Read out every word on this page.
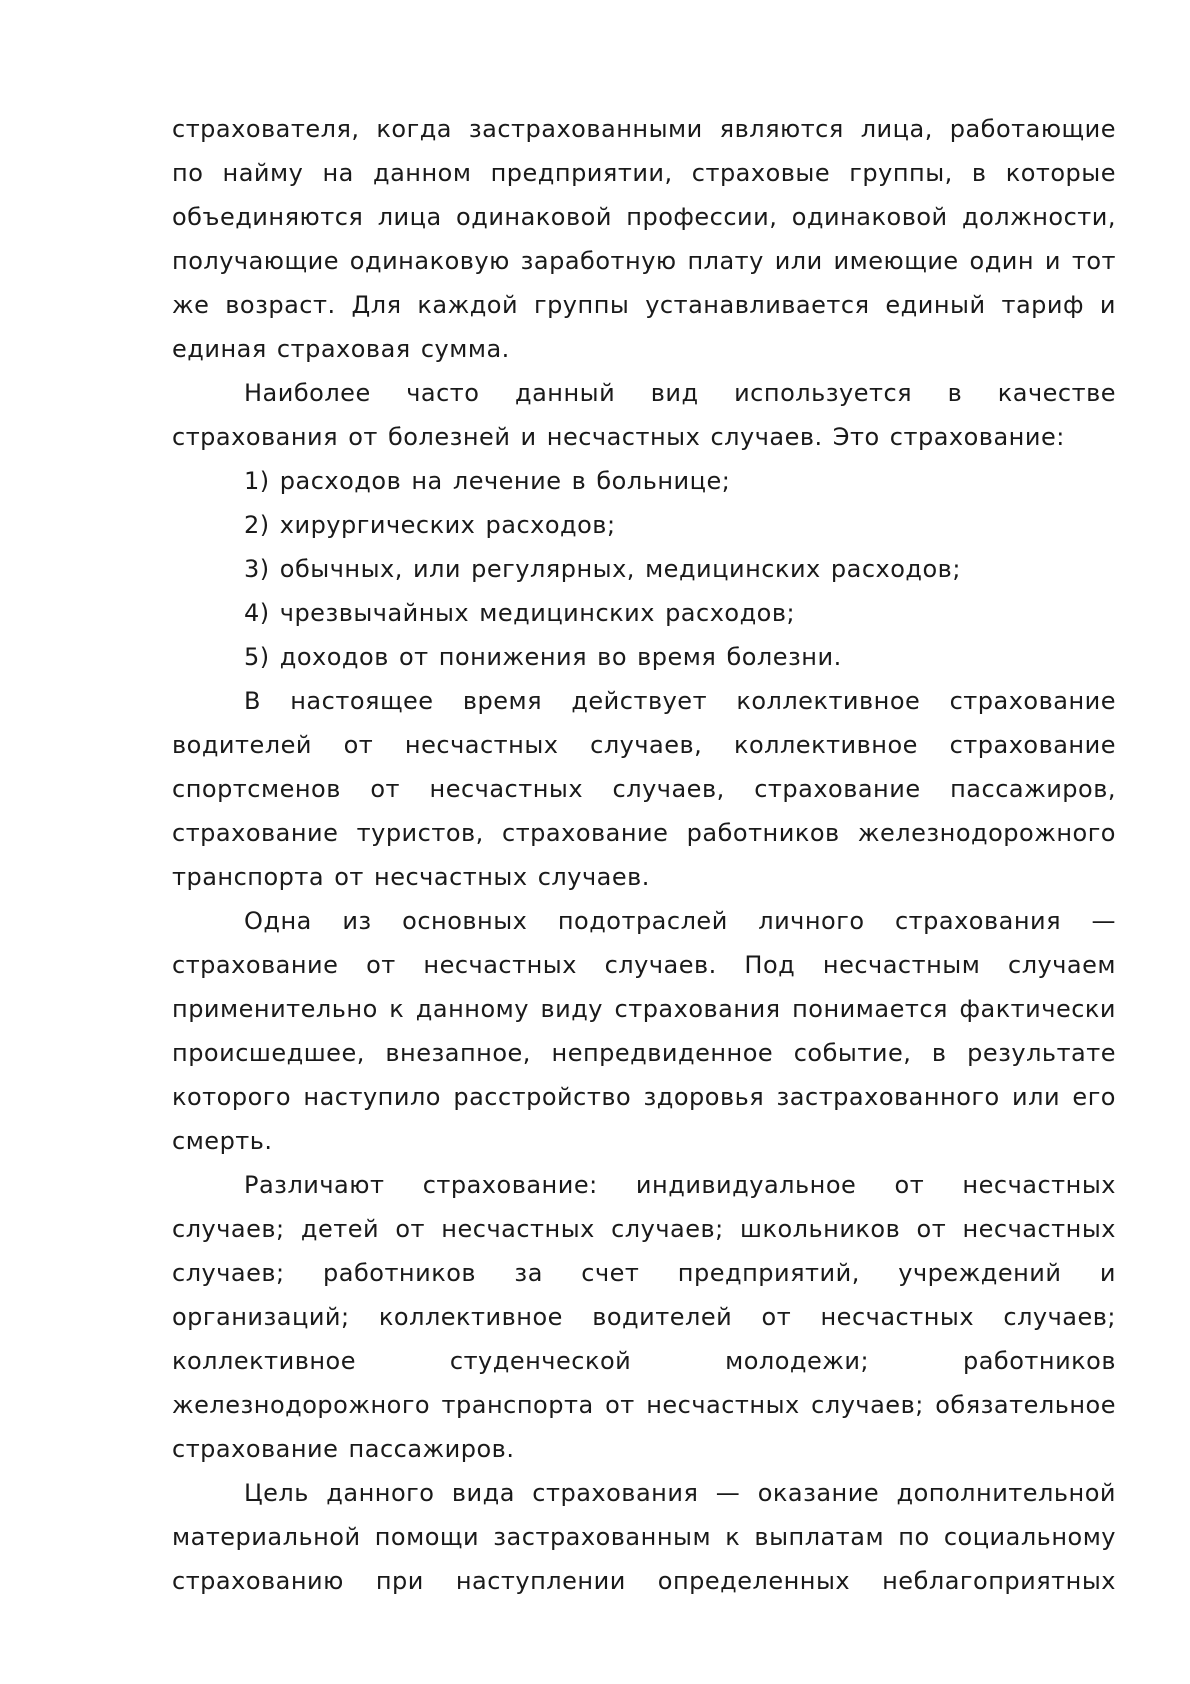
страхователя, когда застрахованными являются лица, работающие по найму на данном предприятии, страховые группы, в которые объединяются лица одинаковой профессии, одинаковой должности, получающие одинаковую заработную плату или имеющие один и тот же возраст. Для каждой группы устанавливается единый тариф и единая страховая сумма.

Наиболее часто данный вид используется в качестве страхования от болезней и несчастных случаев. Это страхование:

1) расходов на лечение в больнице;

2) хирургических расходов;

3) обычных, или регулярных, медицинских расходов;

4) чрезвычайных медицинских расходов;

5) доходов от понижения во время болезни.

В настоящее время действует коллективное страхование водителей от несчастных случаев, коллективное страхование спортсменов от несчастных случаев, страхование пассажиров, страхование туристов, страхование работников железнодорожного транспорта от несчастных случаев.

Одна из основных подотраслей личного страхования — страхование от несчастных случаев. Под несчастным случаем применительно к данному виду страхования понимается фактически происшедшее, внезапное, непредвиденное событие, в результате которого наступило расстройство здоровья застрахованного или его смерть.

Различают страхование: индивидуальное от несчастных случаев; детей от несчастных случаев; школьников от несчастных случаев; работников за счет предприятий, учреждений и организаций; коллективное водителей от несчастных случаев; коллективное студенческой молодежи; работников железнодорожного транспорта от несчастных случаев; обязательное страхование пассажиров.

Цель данного вида страхования — оказание дополнительной материальной помощи застрахованным к выплатам по социальному страхованию при наступлении определенных неблагоприятных
